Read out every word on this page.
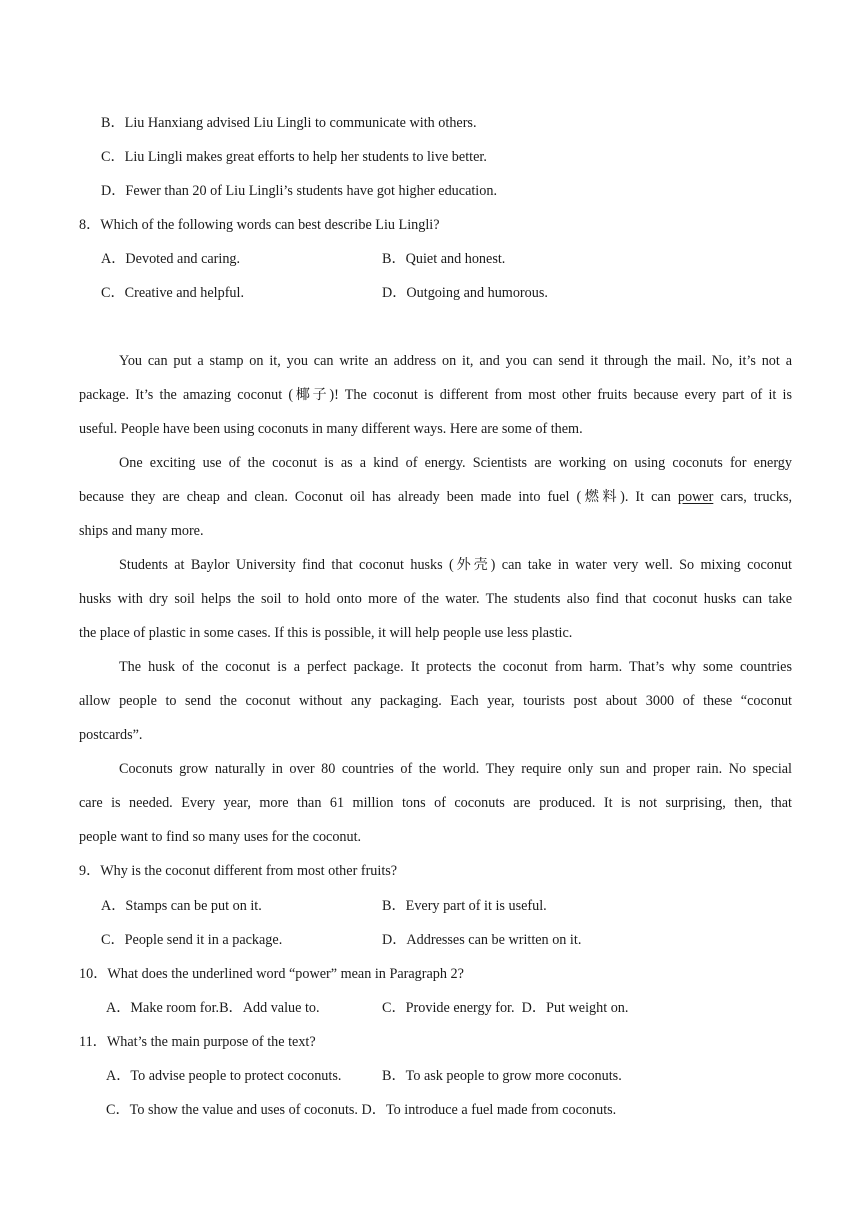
B．Liu Hanxiang advised Liu Lingli to communicate with others.
C．Liu Lingli makes great efforts to help her students to live better.
D．Fewer than 20 of Liu Lingli’s students have got higher education.
8．Which of the following words can best describe Liu Lingli?
A．Devoted and caring.	B．Quiet and honest.
C．Creative and helpful.	D．Outgoing and humorous.
You can put a stamp on it, you can write an address on it, and you can send it through the mail. No, it’s not a
package. It’s the amazing coconut (椰子)! The coconut is different from most other fruits because every part of it is
useful. People have been using coconuts in many different ways. Here are some of them.
One exciting use of the coconut is as a kind of energy. Scientists are working on using coconuts for energy
because they are cheap and clean. Coconut oil has already been made into fuel (燃料). It can power cars, trucks,
ships and many more.
Students at Baylor University find that coconut husks (外壳) can take in water very well. So mixing coconut
husks with dry soil helps the soil to hold onto more of the water. The students also find that coconut husks can take
the place of plastic in some cases. If this is possible, it will help people use less plastic.
The husk of the coconut is a perfect package. It protects the coconut from harm. That’s why some countries
allow people to send the coconut without any packaging. Each year, tourists post about 3000 of these “coconut
postcards”.
Coconuts grow naturally in over 80 countries of the world. They require only sun and proper rain. No special
care is needed. Every year, more than 61 million tons of coconuts are produced. It is not surprising, then, that
people want to find so many uses for the coconut.
9．Why is the coconut different from most other fruits?
A．Stamps can be put on it.	B．Every part of it is useful.
C．People send it in a package.	D．Addresses can be written on it.
10．What does the underlined word “power” mean in Paragraph 2?
A．Make room for.B．Add value to.	C．Provide energy for.  D．Put weight on.
11．What’s the main purpose of the text?
A．To advise people to protect coconuts.	B．To ask people to grow more coconuts.
C．To show the value and uses of coconuts. D．To introduce a fuel made from coconuts.
